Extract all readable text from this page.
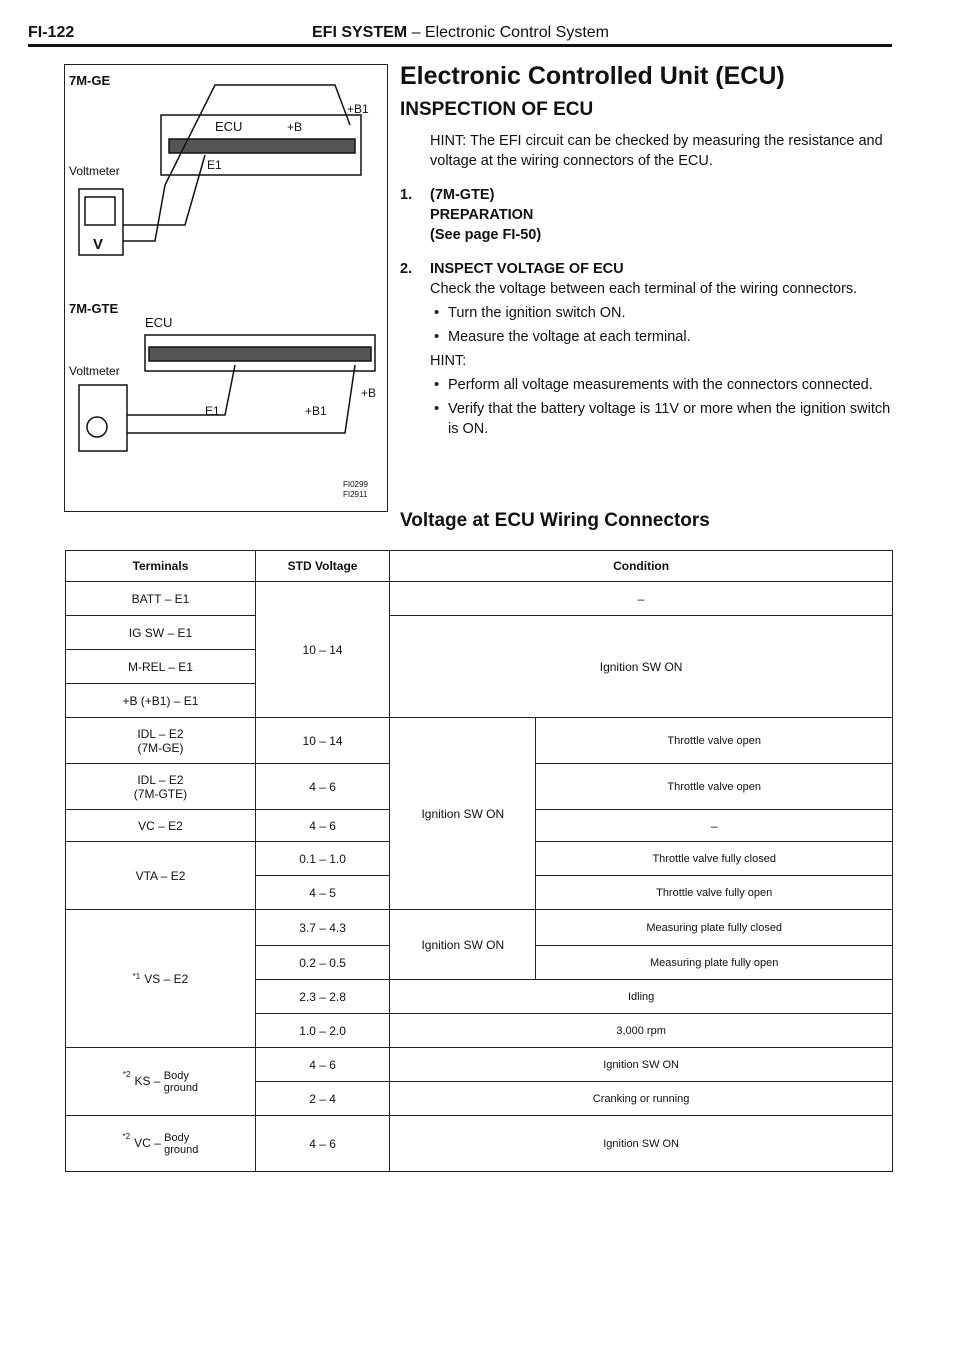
FI-122	EFI SYSTEM – Electronic Control System
7M-GE
ECU	+B
+B1
E1
Voltmeter
V
7M-GTE
ECU
Voltmeter
E1	+B1
+B
FI0299
FI2911
Electronic Controlled Unit (ECU)
INSPECTION OF ECU
HINT: The EFI circuit can be checked by measuring the resistance and voltage at the wiring connectors of the ECU.
1. (7M-GTE)
PREPARATION
(See page FI-50)
2. INSPECT VOLTAGE OF ECU
Check the voltage between each terminal of the wiring connectors.
• Turn the ignition switch ON.
• Measure the voltage at each terminal.
HINT:
• Perform all voltage measurements with the connectors connected.
• Verify that the battery voltage is 11V or more when the ignition switch is ON.
Voltage at ECU Wiring Connectors
Terminals	STD Voltage	Condition	
BATT – E1	10 – 14	–	
IG SW – E1		Ignition SW ON	
M-REL – E1			
+B (+B1) – E1			
IDL – E2
(7M-GE)	10 – 14	Ignition SW ON	Throttle valve open
IDL – E2
(7M-GTE)	4 – 6		Throttle valve open
VC – E2	4 – 6		–
VTA – E2	0.1 – 1.0		Throttle valve fully closed
	4 – 5		Throttle valve fully open
$^{*1}$ VS – E2	3.7 – 4.3	Ignition SW ON	Measuring plate fully closed
	0.2 – 0.5		Measuring plate fully open
	2.3 – 2.8	Idling	
	1.0 – 2.0	3,000 rpm	
$^{*2}$ KS – Body
ground	4 – 6	Ignition SW ON	
	2 – 4	Cranking or running	
$^{*2}$ VC – Body
ground	4 – 6	Ignition SW ON	
